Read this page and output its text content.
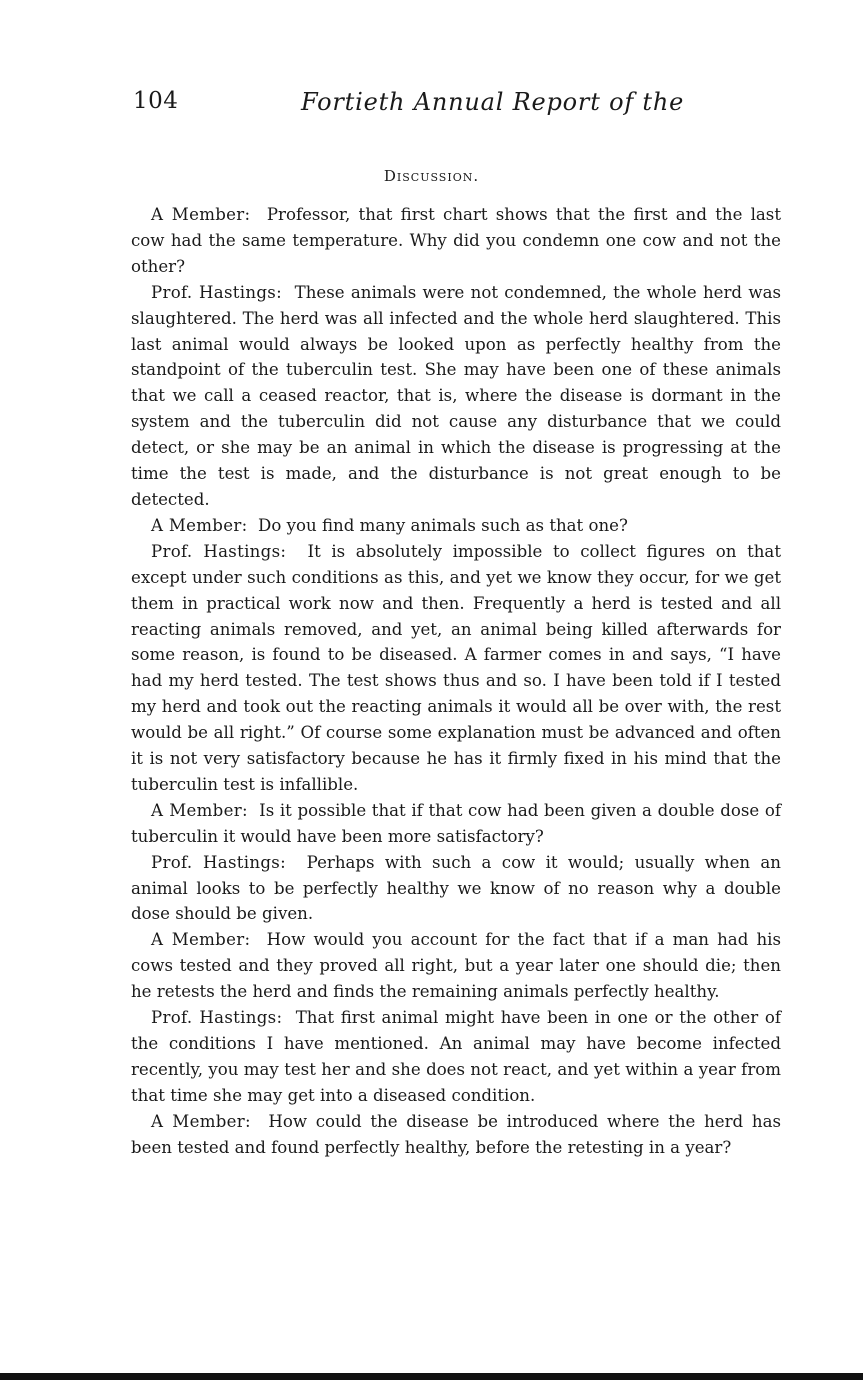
104	Fortieth Annual Report of the
Discussion.

A Member: Professor, that first chart shows that the first and the last cow had the same temperature. Why did you condemn one cow and not the other?

Prof. Hastings: These animals were not condemned, the whole herd was slaughtered. The herd was all infected and the whole herd slaughtered. This last animal would always be looked upon as perfectly healthy from the standpoint of the tuberculin test. She may have been one of these animals that we call a ceased reactor, that is, where the disease is dormant in the system and the tuberculin did not cause any disturbance that we could detect, or she may be an animal in which the disease is progressing at the time the test is made, and the disturbance is not great enough to be detected.

A Member: Do you find many animals such as that one?

Prof. Hastings: It is absolutely impossible to collect figures on that except under such conditions as this, and yet we know they occur, for we get them in practical work now and then. Frequently a herd is tested and all reacting animals removed, and yet, an animal being killed afterwards for some reason, is found to be diseased. A farmer comes in and says, “I have had my herd tested. The test shows thus and so. I have been told if I tested my herd and took out the reacting animals it would all be over with, the rest would be all right.” Of course some explanation must be advanced and often it is not very satisfactory because he has it firmly fixed in his mind that the tuberculin test is infallible.

A Member: Is it possible that if that cow had been given a double dose of tuberculin it would have been more satisfactory?

Prof. Hastings: Perhaps with such a cow it would; usually when an animal looks to be perfectly healthy we know of no reason why a double dose should be given.

A Member: How would you account for the fact that if a man had his cows tested and they proved all right, but a year later one should die; then he retests the herd and finds the remaining animals perfectly healthy.

Prof. Hastings: That first animal might have been in one or the other of the conditions I have mentioned. An animal may have become infected recently, you may test her and she does not react, and yet within a year from that time she may get into a diseased condition.

A Member: How could the disease be introduced where the herd has been tested and found perfectly healthy, before the retesting in a year?
